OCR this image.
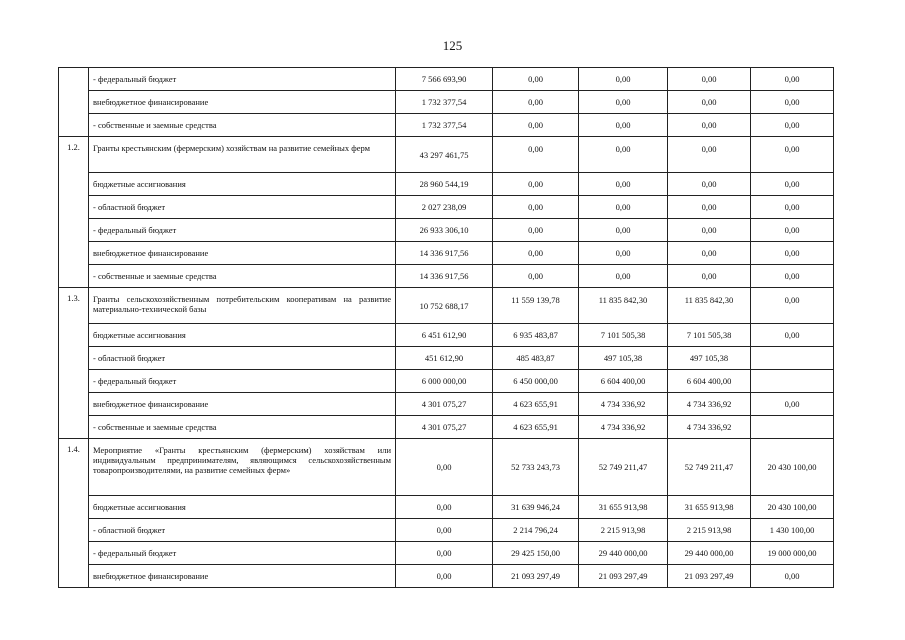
125
	- федеральный бюджет	7 566 693,90	0,00	0,00	0,00	0,00
	внебюджетное финансирование	1 732 377,54	0,00	0,00	0,00	0,00
	- собственные и заемные средства	1 732 377,54	0,00	0,00	0,00	0,00
1.2.	Гранты крестьянским (фермерским) хозяйствам на развитие семейных ферм	43 297 461,75	0,00	0,00	0,00	0,00
	бюджетные ассигнования	28 960 544,19	0,00	0,00	0,00	0,00
	- областной бюджет	2 027 238,09	0,00	0,00	0,00	0,00
	- федеральный бюджет	26 933 306,10	0,00	0,00	0,00	0,00
	внебюджетное финансирование	14 336 917,56	0,00	0,00	0,00	0,00
	- собственные и заемные средства	14 336 917,56	0,00	0,00	0,00	0,00
1.3.	Гранты сельскохозяйственным потребительским кооперативам на развитие материально-технической базы	10 752 688,17	11 559 139,78	11 835 842,30	11 835 842,30	0,00
	бюджетные ассигнования	6 451 612,90	6 935 483,87	7 101 505,38	7 101 505,38	0,00
	- областной бюджет	451 612,90	485 483,87	497 105,38	497 105,38	
	- федеральный бюджет	6 000 000,00	6 450 000,00	6 604 400,00	6 604 400,00	
	внебюджетное финансирование	4 301 075,27	4 623 655,91	4 734 336,92	4 734 336,92	0,00
	- собственные и заемные средства	4 301 075,27	4 623 655,91	4 734 336,92	4 734 336,92	
1.4.	Мероприятие «Гранты крестьянским (фермерским) хозяйствам или индивидуальным предпринимателям, являющимся сельскохозяйственным товаропроизводителями, на развитие семейных ферм»	0,00	52 733 243,73	52 749 211,47	52 749 211,47	20 430 100,00
	бюджетные ассигнования	0,00	31 639 946,24	31 655 913,98	31 655 913,98	20 430 100,00
	- областной бюджет	0,00	2 214 796,24	2 215 913,98	2 215 913,98	1 430 100,00
	- федеральный бюджет	0,00	29 425 150,00	29 440 000,00	29 440 000,00	19 000 000,00
	внебюджетное финансирование	0,00	21 093 297,49	21 093 297,49	21 093 297,49	0,00
